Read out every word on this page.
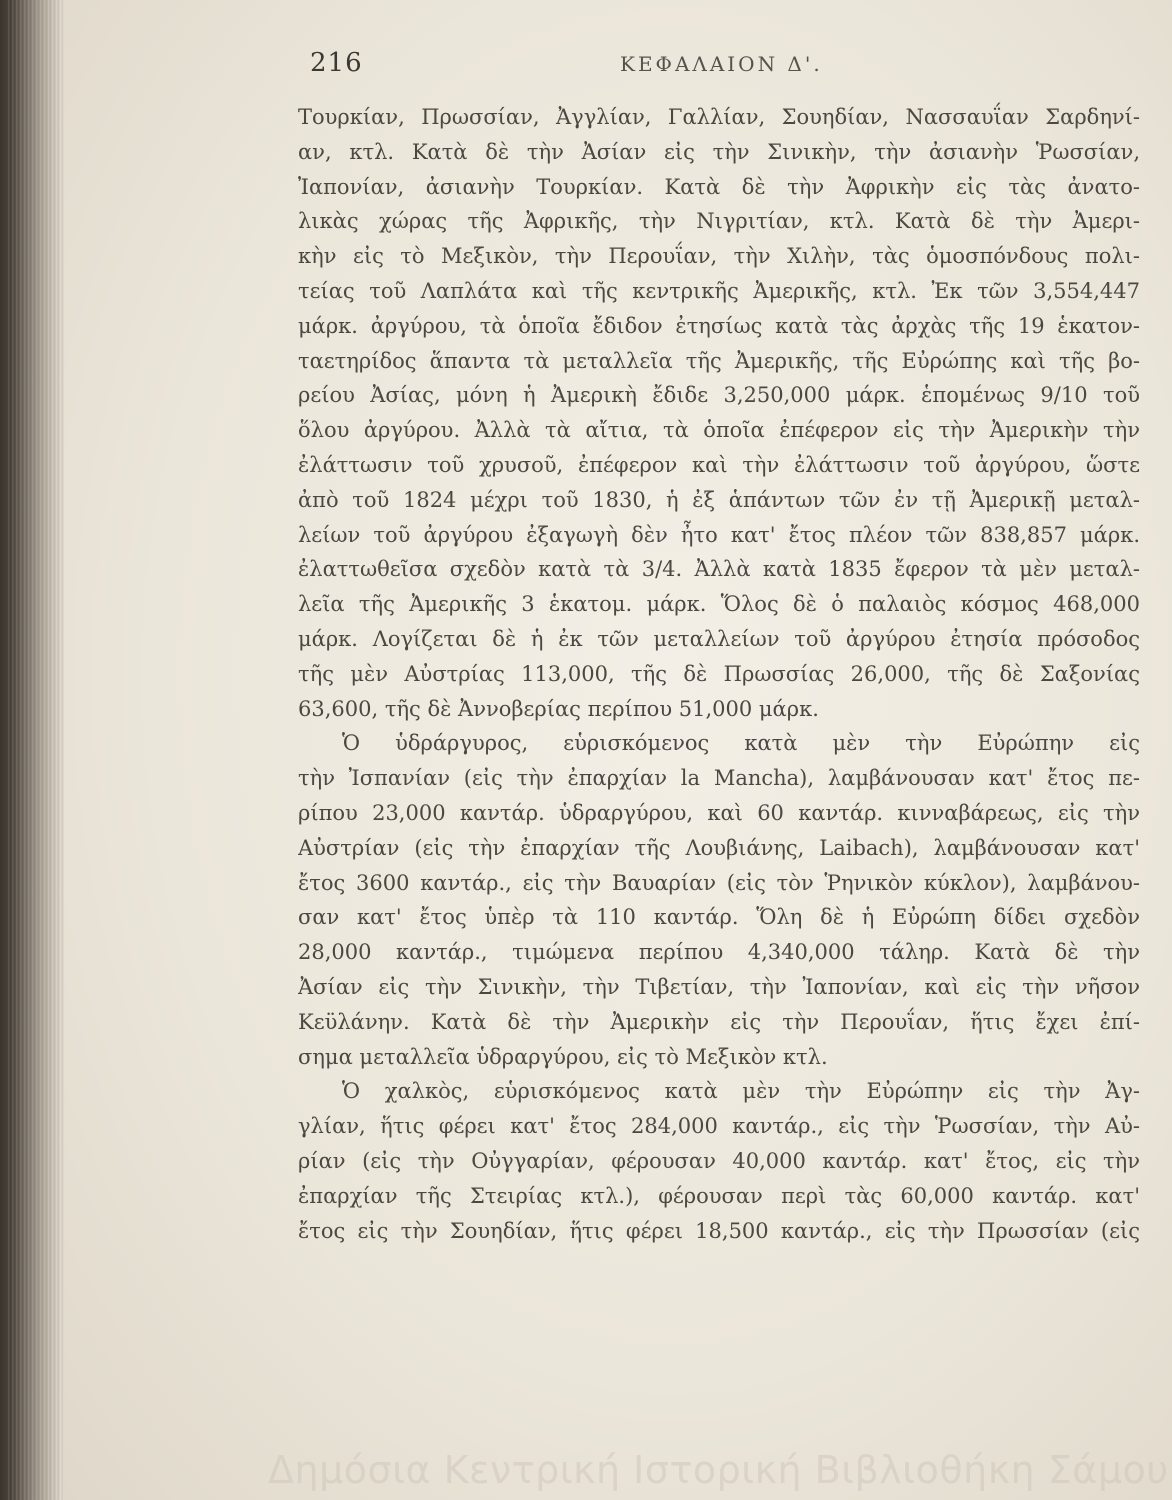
216	ΚΕΦΑΛΑΙΟΝ Δ'.
Τουρκίαν, Πρωσσίαν, Ἀγγλίαν, Γαλλίαν, Σουηδίαν, Νασσαυΐαν Σαρδηνί-
αν, κτλ. Κατὰ δὲ τὴν Ἀσίαν εἰς τὴν Σινικὴν, τὴν ἀσιανὴν Ῥωσσίαν,
Ἰαπονίαν, ἀσιανὴν Τουρκίαν. Κατὰ δὲ τὴν Ἀφρικὴν εἰς τὰς ἀνατο-
λικὰς χώρας τῆς Ἀφρικῆς, τὴν Νιγριτίαν, κτλ. Κατὰ δὲ τὴν Ἀμερι-
κὴν εἰς τὸ Μεξικὸν, τὴν Περουΐαν, τὴν Χιλὴν, τὰς ὁμοσπόνδους πολι-
τείας τοῦ Λαπλάτα καὶ τῆς κεντρικῆς Ἀμερικῆς, κτλ. Ἐκ τῶν 3,554,447
μάρκ. ἀργύρου, τὰ ὁποῖα ἔδιδον ἐτησίως κατὰ τὰς ἀρχὰς τῆς 19 ἑκατον-
ταετηρίδος ἅπαντα τὰ μεταλλεῖα τῆς Ἀμερικῆς, τῆς Εὐρώπης καὶ τῆς βο-
ρείου Ἀσίας, μόνη ἡ Ἀμερικὴ ἔδιδε 3,250,000 μάρκ. ἑπομένως 9/10 τοῦ
ὅλου ἀργύρου. Ἀλλὰ τὰ αἴτια, τὰ ὁποῖα ἐπέφερον εἰς τὴν Ἀμερικὴν τὴν
ἐλάττωσιν τοῦ χρυσοῦ, ἐπέφερον καὶ τὴν ἐλάττωσιν τοῦ ἀργύρου, ὥστε
ἀπὸ τοῦ 1824 μέχρι τοῦ 1830, ἡ ἐξ ἁπάντων τῶν ἐν τῇ Ἀμερικῇ μεταλ-
λείων τοῦ ἀργύρου ἐξαγωγὴ δὲν ἦτο κατ' ἔτος πλέον τῶν 838,857 μάρκ.
ἐλαττωθεῖσα σχεδὸν κατὰ τὰ 3/4. Ἀλλὰ κατὰ 1835 ἔφερον τὰ μὲν μεταλ-
λεῖα τῆς Ἀμερικῆς 3 ἑκατομ. μάρκ. Ὅλος δὲ ὁ παλαιὸς κόσμος 468,000
μάρκ. Λογίζεται δὲ ἡ ἐκ τῶν μεταλλείων τοῦ ἀργύρου ἐτησία πρόσοδος
τῆς μὲν Αὐστρίας 113,000, τῆς δὲ Πρωσσίας 26,000, τῆς δὲ Σαξονίας
63,600, τῆς δὲ Ἀννοβερίας περίπου 51,000 μάρκ.
Ὁ ὑδράργυρος, εὑρισκόμενος κατὰ μὲν τὴν Εὐρώπην εἰς
τὴν Ἰσπανίαν (εἰς τὴν ἐπαρχίαν la Mancha), λαμβάνουσαν κατ' ἔτος πε-
ρίπου 23,000 καντάρ. ὑδραργύρου, καὶ 60 καντάρ. κινναβάρεως, εἰς τὴν
Αὐστρίαν (εἰς τὴν ἐπαρχίαν τῆς Λουβιάνης, Laibach), λαμβάνουσαν κατ'
ἔτος 3600 καντάρ., εἰς τὴν Βαυαρίαν (εἰς τὸν Ῥηνικὸν κύκλον), λαμβάνου-
σαν κατ' ἔτος ὑπὲρ τὰ 110 καντάρ. Ὅλη δὲ ἡ Εὐρώπη δίδει σχεδὸν
28,000 καντάρ., τιμώμενα περίπου 4,340,000 τάληρ. Κατὰ δὲ τὴν
Ἀσίαν εἰς τὴν Σινικὴν, τὴν Τιβετίαν, τὴν Ἰαπονίαν, καὶ εἰς τὴν νῆσον
Κεϋλάνην. Κατὰ δὲ τὴν Ἀμερικὴν εἰς τὴν Περουΐαν, ἥτις ἔχει ἐπί-
σημα μεταλλεῖα ὑδραργύρου, εἰς τὸ Μεξικὸν κτλ.
Ὁ χαλκὸς, εὑρισκόμενος κατὰ μὲν τὴν Εὐρώπην εἰς τὴν Ἀγ-
γλίαν, ἥτις φέρει κατ' ἔτος 284,000 καντάρ., εἰς τὴν Ῥωσσίαν, τὴν Αὐ-
ρίαν (εἰς τὴν Οὐγγαρίαν, φέρουσαν 40,000 καντάρ. κατ' ἔτος, εἰς τὴν
ἐπαρχίαν τῆς Στειρίας κτλ.), φέρουσαν περὶ τὰς 60,000 καντάρ. κατ'
ἔτος εἰς τὴν Σουηδίαν, ἥτις φέρει 18,500 καντάρ., εἰς τὴν Πρωσσίαν (εἰς
Δημόσια Κεντρική Ιστορική Βιβλιοθήκη Σάμου
